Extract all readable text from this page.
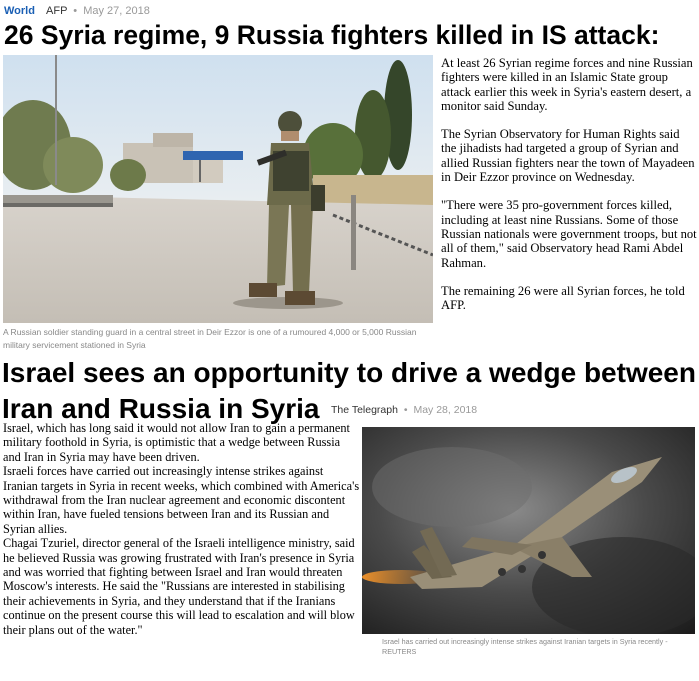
World AFP • May 27, 2018
26 Syria regime, 9 Russia fighters killed in IS attack:
A Russian soldier standing guard in a central street in Deir Ezzor is one of a rumoured 4,000 or 5,000 Russian military servicement stationed in Syria

At least 26 Syrian regime forces and nine Russian fighters were killed in an Islamic State group attack earlier this week in Syria's eastern desert, a monitor said Sunday.

The Syrian Observatory for Human Rights said the jihadists had targeted a group of Syrian and allied Russian fighters near the town of Mayadeen in Deir Ezzor province on Wednesday.

"There were 35 pro-government forces killed, including at least nine Russians. Some of those Russian nationals were government troops, but not all of them," said Observatory head Rami Abdel Rahman.

The remaining 26 were all Syrian forces, he told AFP.

Israel sees an opportunity to drive a wedge between
Iran and Russia in Syria The Telegraph • May 28, 2018

Israel, which has long said it would not allow Iran to gain a permanent military foothold in Syria, is optimistic that a wedge between Russia and Iran in Syria may have been driven.

Israeli forces have carried out increasingly intense strikes against Iranian targets in Syria in recent weeks, which combined with America's withdrawal from the Iran nuclear agreement and economic discontent within Iran, have fueled tensions between Iran and its Russian and Syrian allies.

Chagai Tzuriel, director general of the Israeli intelligence ministry, said he believed Russia was growing frustrated with Iran's presence in Syria and was worried that fighting between Israel and Iran would threaten Moscow's interests. He said the "Russians are interested in stabilising their achievements in Syria, and they understand that if the Iranians continue on the present course this will lead to escalation and will blow their plans out of the water."

Israel has carried out increasingly intense strikes against Iranian targets in Syria recently - REUTERS
